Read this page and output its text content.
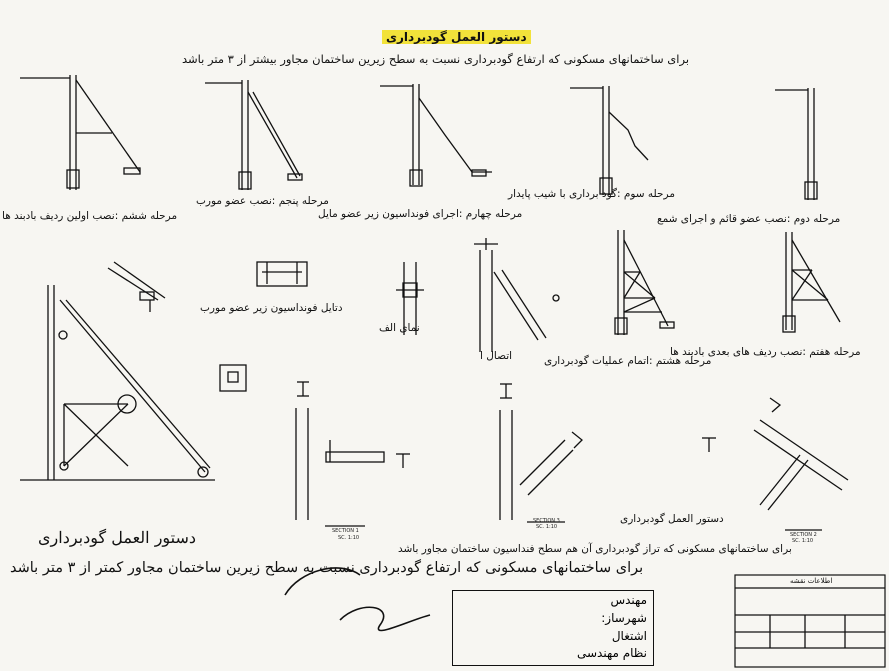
دستور العمل گودبرداری
برای ساختمانهای مسکونی که ارتفاع گودبرداری نسبت به سطح زیرین ساختمان مجاور بیشتر از ۳ متر باشد
مرحله دوم :نصب عضو قائم و اجرای شمع
مرحله سوم :گود برداری با شیب پایدار
مرحله چهارم :اجرای فونداسیون زیر عضو مایل
مرحله پنجم :نصب عضو مورب
مرحله ششم :نصب اولین ردیف بادبند ها
مرحله هفتم :نصب ردیف های بعدی بادبند ها
مرحله هشتم :اتمام عملیات گودبرداری
دتایل فونداسیون زیر عضو مورب
نمای الف
اتصال ا
SECTION 1
SECTION 3
SECTION 2
SC. 1:10
SC. 1:10
SC. 1:10
دستور العمل گودبرداری
دستور العمل گودبرداری
برای ساختمانهای مسکونی که تراز گودبرداری آن هم سطح فنداسیون ساختمان مجاور باشد
برای ساختمانهای مسکونی که ارتفاع گودبرداری نسبت به سطح زیرین ساختمان مجاور کمتر از ۳ متر باشد
مهندس
شهرساز:
اشتغال
نظام مهندسی
اطلاعات نقشه
